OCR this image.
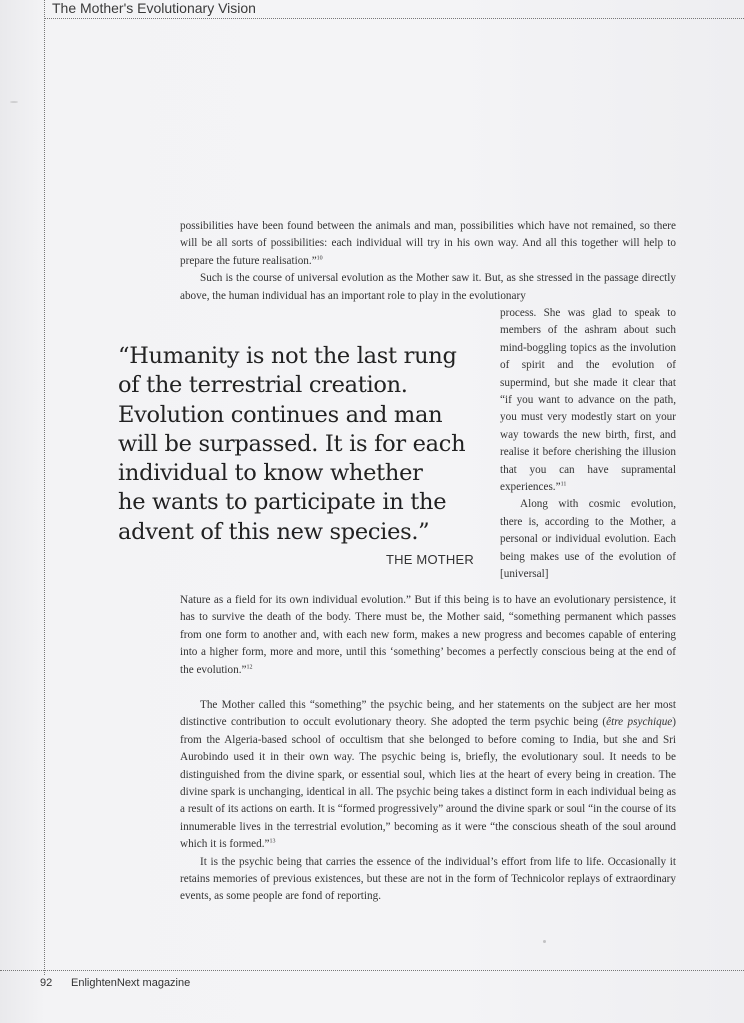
The Mother's Evolutionary Vision

possibilities have been found between the animals and man, possibilities which have not remained, so there will be all sorts of possibilities: each individual will try in his own way. And all this together will help to prepare the future realisation.”$^{10}$

Such is the course of universal evolution as the Mother saw it. But, as she stressed in the passage directly above, the human individual has an important role to play in the evolutionary

process. She was glad to speak to members of the ashram about such mind-boggling topics as the involution of spirit and the evolution of supermind, but she made it clear that “if you want to advance on the path, you must very modestly start on your way towards the new birth, first, and realise it before cherishing the illusion that you can have supramental experiences.”$^{11}$

Along with cosmic evolution, there is, according to the Mother, a personal or individual evolution. Each being makes use of the evolution of [universal]

“Humanity is not the last rung

of the terrestrial creation.

Evolution continues and man

will be surpassed. It is for each

individual to know whether

he wants to participate in the

advent of this new species.”

THE MOTHER

Nature as a field for its own individual evolution.” But if this being is to have an evolutionary persistence, it has to survive the death of the body. There must be, the Mother said, “something permanent which passes from one form to another and, with each new form, makes a new progress and becomes capable of entering into a higher form, more and more, until this ‘something’ becomes a perfectly conscious being at the end of the evolution.”$^{12}$

The Mother called this “something” the psychic being, and her statements on the subject are her most distinctive contribution to occult evolutionary theory. She adopted the term psychic being (être psychique) from the Algeria-based school of occultism that she belonged to before coming to India, but she and Sri Aurobindo used it in their own way. The psychic being is, briefly, the evolutionary soul. It needs to be distinguished from the divine spark, or essential soul, which lies at the heart of every being in creation. The divine spark is unchanging, identical in all. The psychic being takes a distinct form in each individual being as a result of its actions on earth. It is “formed progressively” around the divine spark or soul “in the course of its innumerable lives in the terrestrial evolution,” becoming as it were “the conscious sheath of the soul around which it is formed.”$^{13}$

It is the psychic being that carries the essence of the individual’s effort from life to life. Occasionally it retains memories of previous existences, but these are not in the form of Technicolor replays of extraordinary events, as some people are fond of reporting.

92 EnlightenNext magazine
